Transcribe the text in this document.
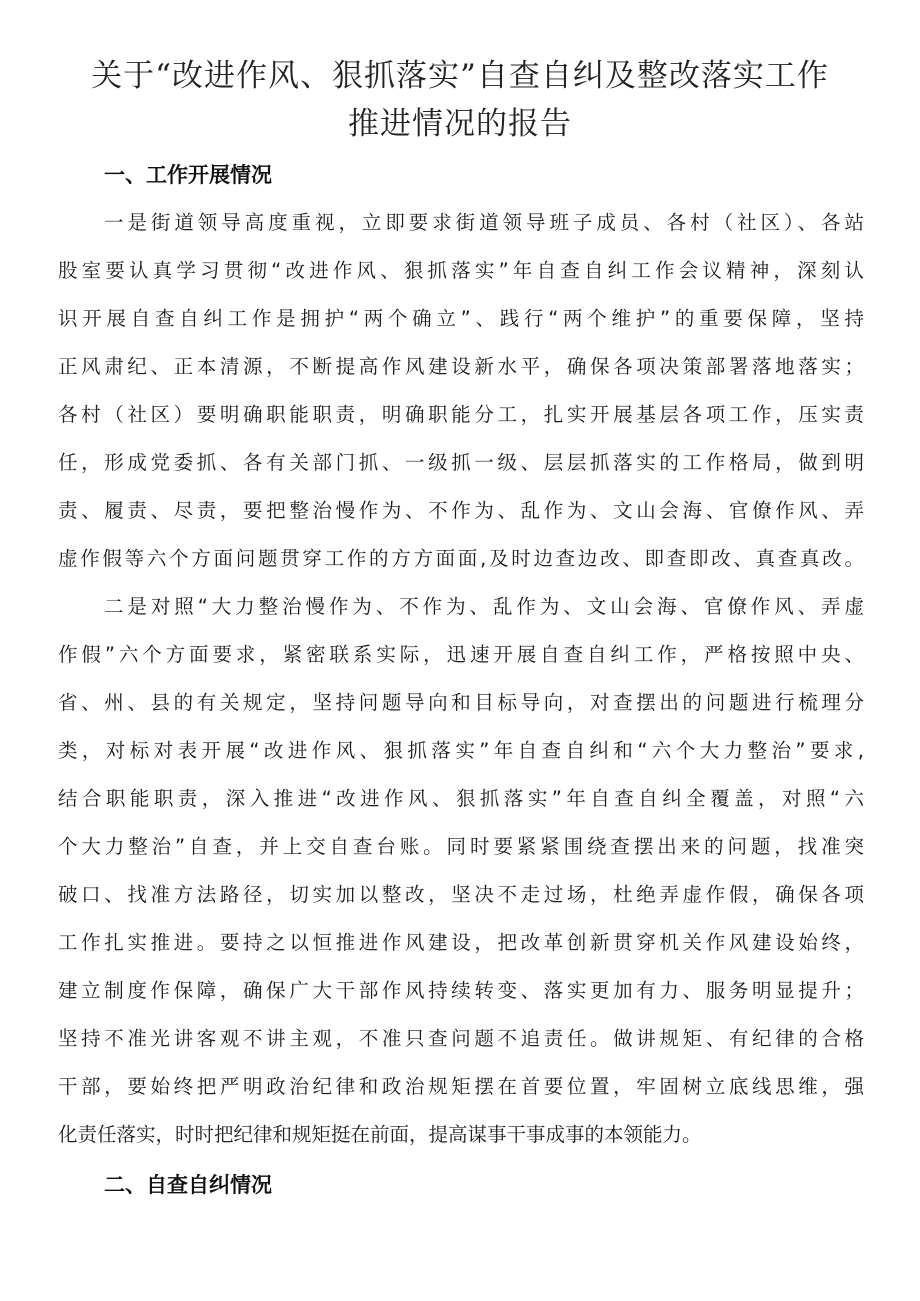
关于“改进作风、狠抓落实”自查自纠及整改落实工作
推进情况的报告
一、工作开展情况
一是街道领导高度重视，立即要求街道领导班子成员、各村（社区）、各站
股室要认真学习贯彻“改进作风、狠抓落实”年自查自纠工作会议精神，深刻认
识开展自查自纠工作是拥护“两个确立”、践行“两个维护”的重要保障，坚持
正风肃纪、正本清源，不断提高作风建设新水平，确保各项决策部署落地落实；
各村（社区）要明确职能职责，明确职能分工，扎实开展基层各项工作，压实责
任，形成党委抓、各有关部门抓、一级抓一级、层层抓落实的工作格局，做到明
责、履责、尽责，要把整治慢作为、不作为、乱作为、文山会海、官僚作风、弄
虚作假等六个方面问题贯穿工作的方方面面,及时边查边改、即查即改、真查真改。
二是对照“大力整治慢作为、不作为、乱作为、文山会海、官僚作风、弄虚
作假”六个方面要求，紧密联系实际，迅速开展自查自纠工作，严格按照中央、
省、州、县的有关规定，坚持问题导向和目标导向，对查摆出的问题进行梳理分
类，对标对表开展“改进作风、狠抓落实”年自查自纠和“六个大力整治”要求,
结合职能职责，深入推进“改进作风、狠抓落实”年自查自纠全覆盖，对照“六
个大力整治”自查，并上交自查台账。同时要紧紧围绕查摆出来的问题，找准突
破口、找准方法路径，切实加以整改，坚决不走过场，杜绝弄虚作假，确保各项
工作扎实推进。要持之以恒推进作风建设，把改革创新贯穿机关作风建设始终，
建立制度作保障，确保广大干部作风持续转变、落实更加有力、服务明显提升；
坚持不准光讲客观不讲主观，不准只查问题不追责任。做讲规矩、有纪律的合格
干部，要始终把严明政治纪律和政治规矩摆在首要位置，牢固树立底线思维，强
化责任落实，时时把纪律和规矩挺在前面，提高谋事干事成事的本领能力。
二、自查自纠情况
